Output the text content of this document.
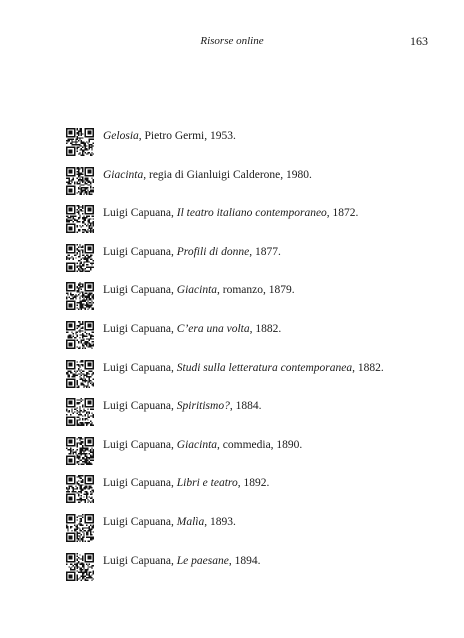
Risorse online	163
Gelosia, Pietro Germi, 1953.
Giacinta, regia di Gianluigi Calderone, 1980.
Luigi Capuana, Il teatro italiano contemporaneo, 1872.
Luigi Capuana, Profili di donne, 1877.
Luigi Capuana, Giacinta, romanzo, 1879.
Luigi Capuana, C’era una volta, 1882.
Luigi Capuana, Studi sulla letteratura contemporanea, 1882.
Luigi Capuana, Spiritismo?, 1884.
Luigi Capuana, Giacinta, commedia, 1890.
Luigi Capuana, Libri e teatro, 1892.
Luigi Capuana, Malìa, 1893.
Luigi Capuana, Le paesane, 1894.
